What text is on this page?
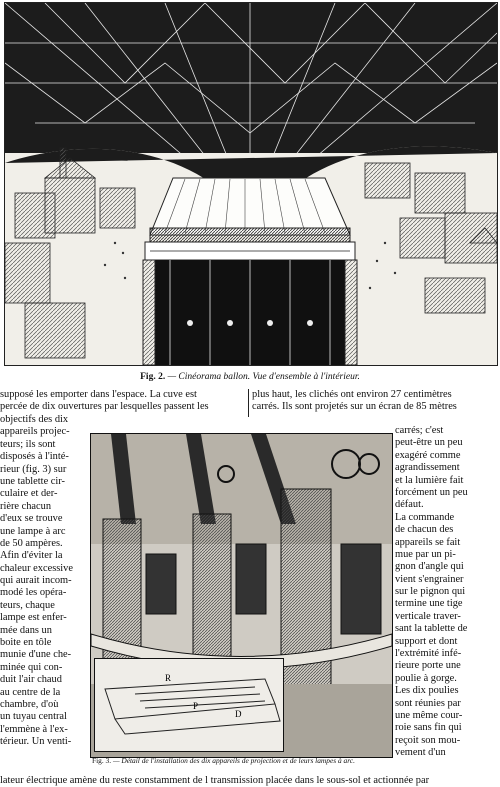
Fig. 2. — Cinéorama ballon. Vue d'ensemble à l'intérieur.
supposé les emporter dans l'espace. La cuve est
percée de dix ouvertures par lesquelles passent les
plus haut, les clichés ont environ 27 centimètres
carrés. Ils sont projetés sur un écran de 85 mètres
objectifs des dix
appareils projec-
teurs; ils sont
disposés à l'inté-
rieur (fig. 3) sur
une tablette cir-
culaire et der-
rière chacun
d'eux se trouve
une lampe à arc
de 50 ampères.
Afin d'éviter la
chaleur excessive
qui aurait incom-
modé les opéra-
teurs, chaque
lampe est enfer-
mée dans un
boite en tôle
munie d'une che-
minée qui con-
duit l'air chaud
au centre de la
chambre, d'où
un tuyau central
l'emmène à l'ex-
térieur. Un venti-
R
P
D
Fig. 3. — Détail de l'installation des dix appareils de projection et de leurs lampes à arc.
carrés; c'est
peut-être un peu
exagéré comme
agrandissement
et la lumière fait
forcément un peu
défaut.
La commande
de chacun des
appareils se fait
mue par un pi-
gnon d'angle qui
vient s'engrainer
sur le pignon qui
termine une tige
verticale traver-
sant la tablette de
support et dont
l'extrémité infé-
rieure porte une
poulie à gorge.
Les dix poulies
sont réunies par
une même cour-
roie sans fin qui
reçoit son mou-
vement d'un
lateur électrique amène du reste constamment de l transmission placée dans le sous-sol et actionnée par
